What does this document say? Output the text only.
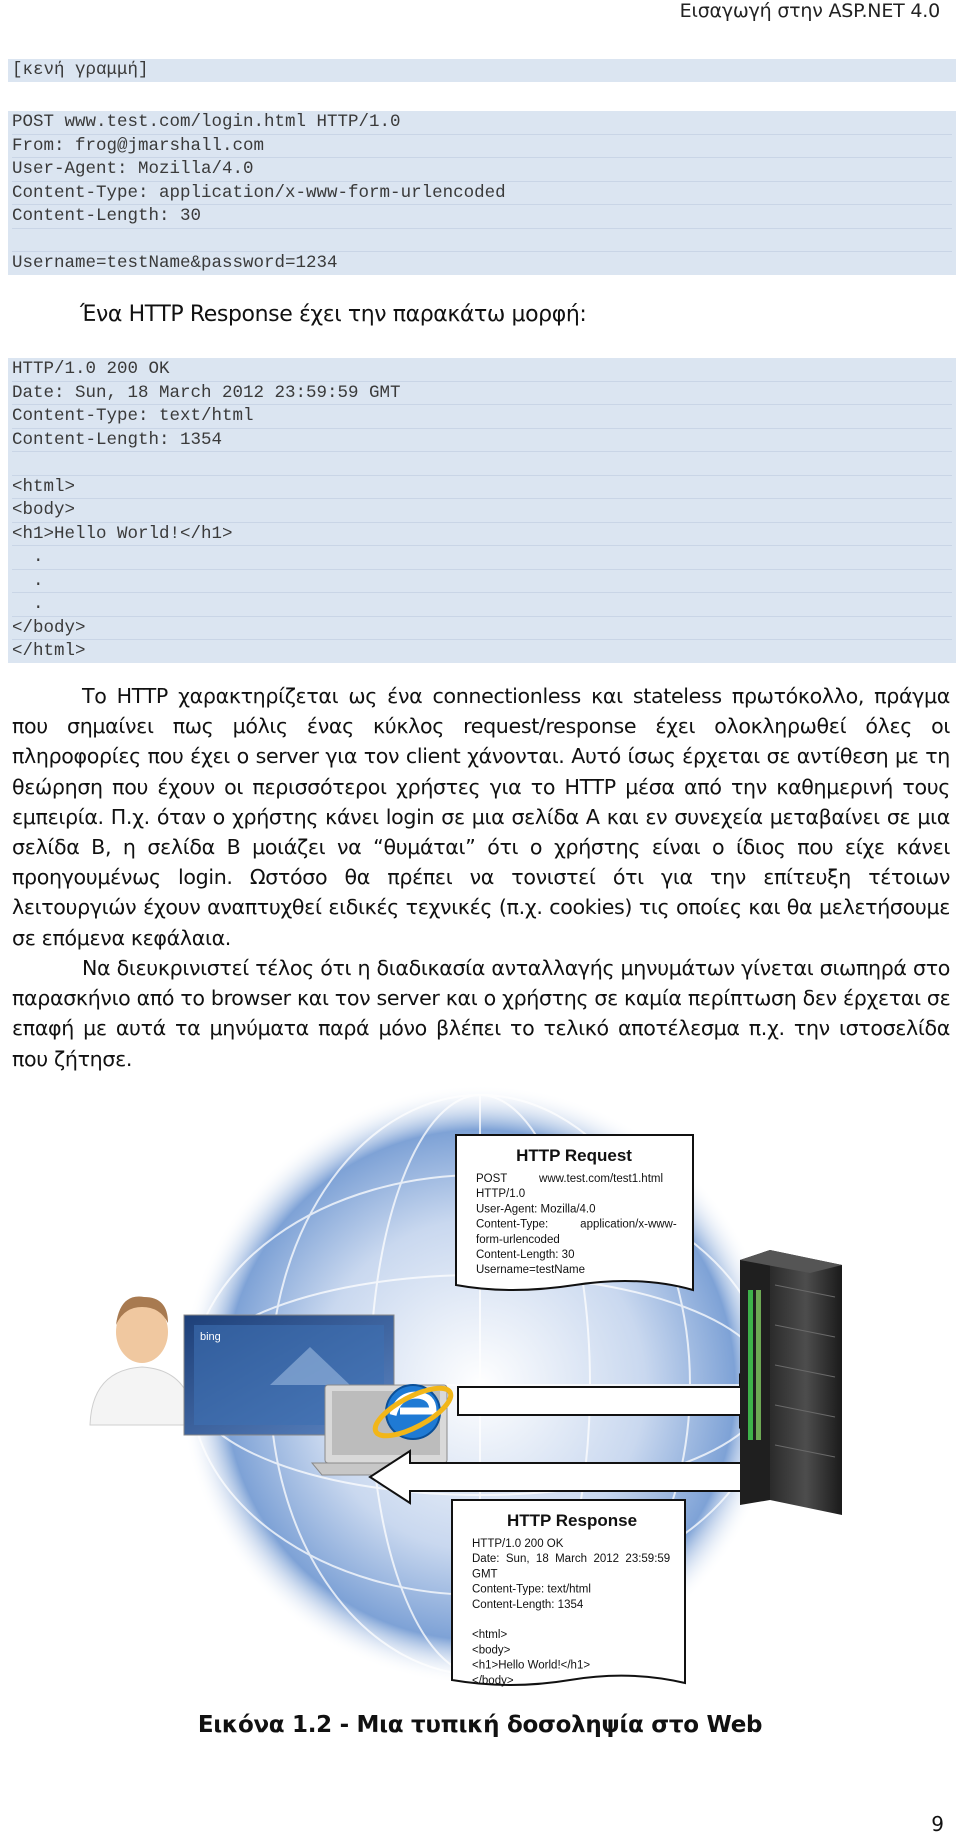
Εισαγωγή στην ASP.NET 4.0
[κενή γραμμή]
POST www.test.com/login.html HTTP/1.0
From: frog@jmarshall.com
User-Agent: Mozilla/4.0
Content-Type: application/x-www-form-urlencoded
Content-Length: 30

Username=testName&password=1234
Ένα HTTP Response έχει την παρακάτω μορφή:
HTTP/1.0 200 OK
Date: Sun, 18 March 2012 23:59:59 GMT
Content-Type: text/html
Content-Length: 1354

<html>
<body>
<h1>Hello World!</h1>
.
.
.
</body>
</html>
Το HTTP χαρακτηρίζεται ως ένα connectionless και stateless πρωτόκολλο, πράγμα
που σημαίνει πως μόλις ένας κύκλος request/response έχει ολοκληρωθεί όλες οι
πληροφορίες που έχει ο server για τον client χάνονται. Αυτό ίσως έρχεται σε αντίθεση με τη
θεώρηση που έχουν οι περισσότεροι χρήστες για το HTTP μέσα από την καθημερινή τους
εμπειρία. Π.χ. όταν ο χρήστης κάνει login σε μια σελίδα A και εν συνεχεία μεταβαίνει σε μια
σελίδα B, η σελίδα B μοιάζει να “θυμάται” ότι ο χρήστης είναι ο ίδιος που είχε κάνει
προηγουμένως login. Ωστόσο θα πρέπει να τονιστεί ότι για την επίτευξη τέτοιων
λειτουργιών έχουν αναπτυχθεί ειδικές τεχνικές (π.χ. cookies) τις οποίες και θα μελετήσουμε
σε επόμενα κεφάλαια.
Να διευκρινιστεί τέλος ότι η διαδικασία ανταλλαγής μηνυμάτων γίνεται σιωπηρά στο
παρασκήνιο από το browser και τον server και ο χρήστης σε καμία περίπτωση δεν έρχεται σε
επαφή με αυτά τα μηνύματα παρά μόνο βλέπει το τελικό αποτέλεσμα π.χ. την ιστοσελίδα
που ζήτησε.
bing
HTTP Request
POST          www.test.com/test1.html
HTTP/1.0
User-Agent: Mozilla/4.0
Content-Type:          application/x-www-
form-urlencoded
Content-Length: 30
Username=testName
HTTP Response
HTTP/1.0 200 OK
Date:  Sun,  18  March  2012  23:59:59
GMT
Content-Type: text/html
Content-Length: 1354
<html>
<body>
<h1>Hello World!</h1>
</body>
Εικόνα 1.2 - Μια τυπική δοσοληψία στο Web
9
